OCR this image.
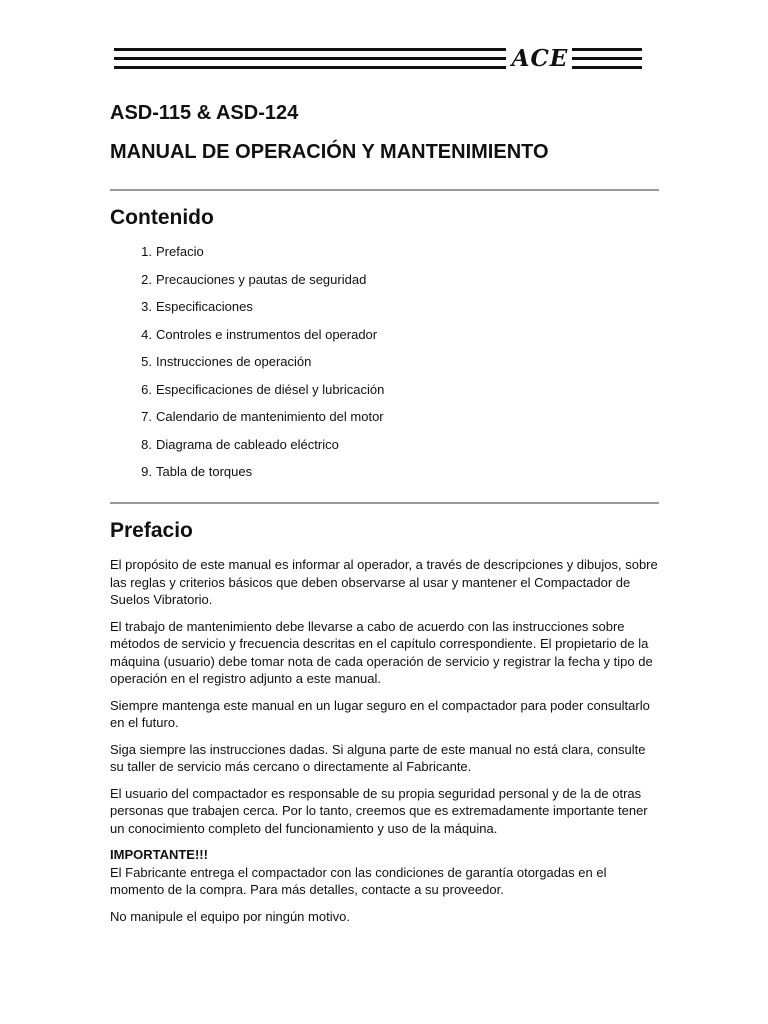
ACE
ASD-115 & ASD-124
MANUAL DE OPERACIÓN Y MANTENIMIENTO
Contenido
1. Prefacio
2. Precauciones y pautas de seguridad
3. Especificaciones
4. Controles e instrumentos del operador
5. Instrucciones de operación
6. Especificaciones de diésel y lubricación
7. Calendario de mantenimiento del motor
8. Diagrama de cableado eléctrico
9. Tabla de torques
Prefacio

El propósito de este manual es informar al operador, a través de descripciones y dibujos, sobre las reglas y criterios básicos que deben observarse al usar y mantener el Compactador de Suelos Vibratorio.

El trabajo de mantenimiento debe llevarse a cabo de acuerdo con las instrucciones sobre métodos de servicio y frecuencia descritas en el capítulo correspondiente. El propietario de la máquina (usuario) debe tomar nota de cada operación de servicio y registrar la fecha y tipo de operación en el registro adjunto a este manual.

Siempre mantenga este manual en un lugar seguro en el compactador para poder consultarlo en el futuro.

Siga siempre las instrucciones dadas. Si alguna parte de este manual no está clara, consulte su taller de servicio más cercano o directamente al Fabricante.

El usuario del compactador es responsable de su propia seguridad personal y de la de otras personas que trabajen cerca. Por lo tanto, creemos que es extremadamente importante tener un conocimiento completo del funcionamiento y uso de la máquina.

IMPORTANTE!!!
El Fabricante entrega el compactador con las condiciones de garantía otorgadas en el momento de la compra. Para más detalles, contacte a su proveedor.

No manipule el equipo por ningún motivo.
